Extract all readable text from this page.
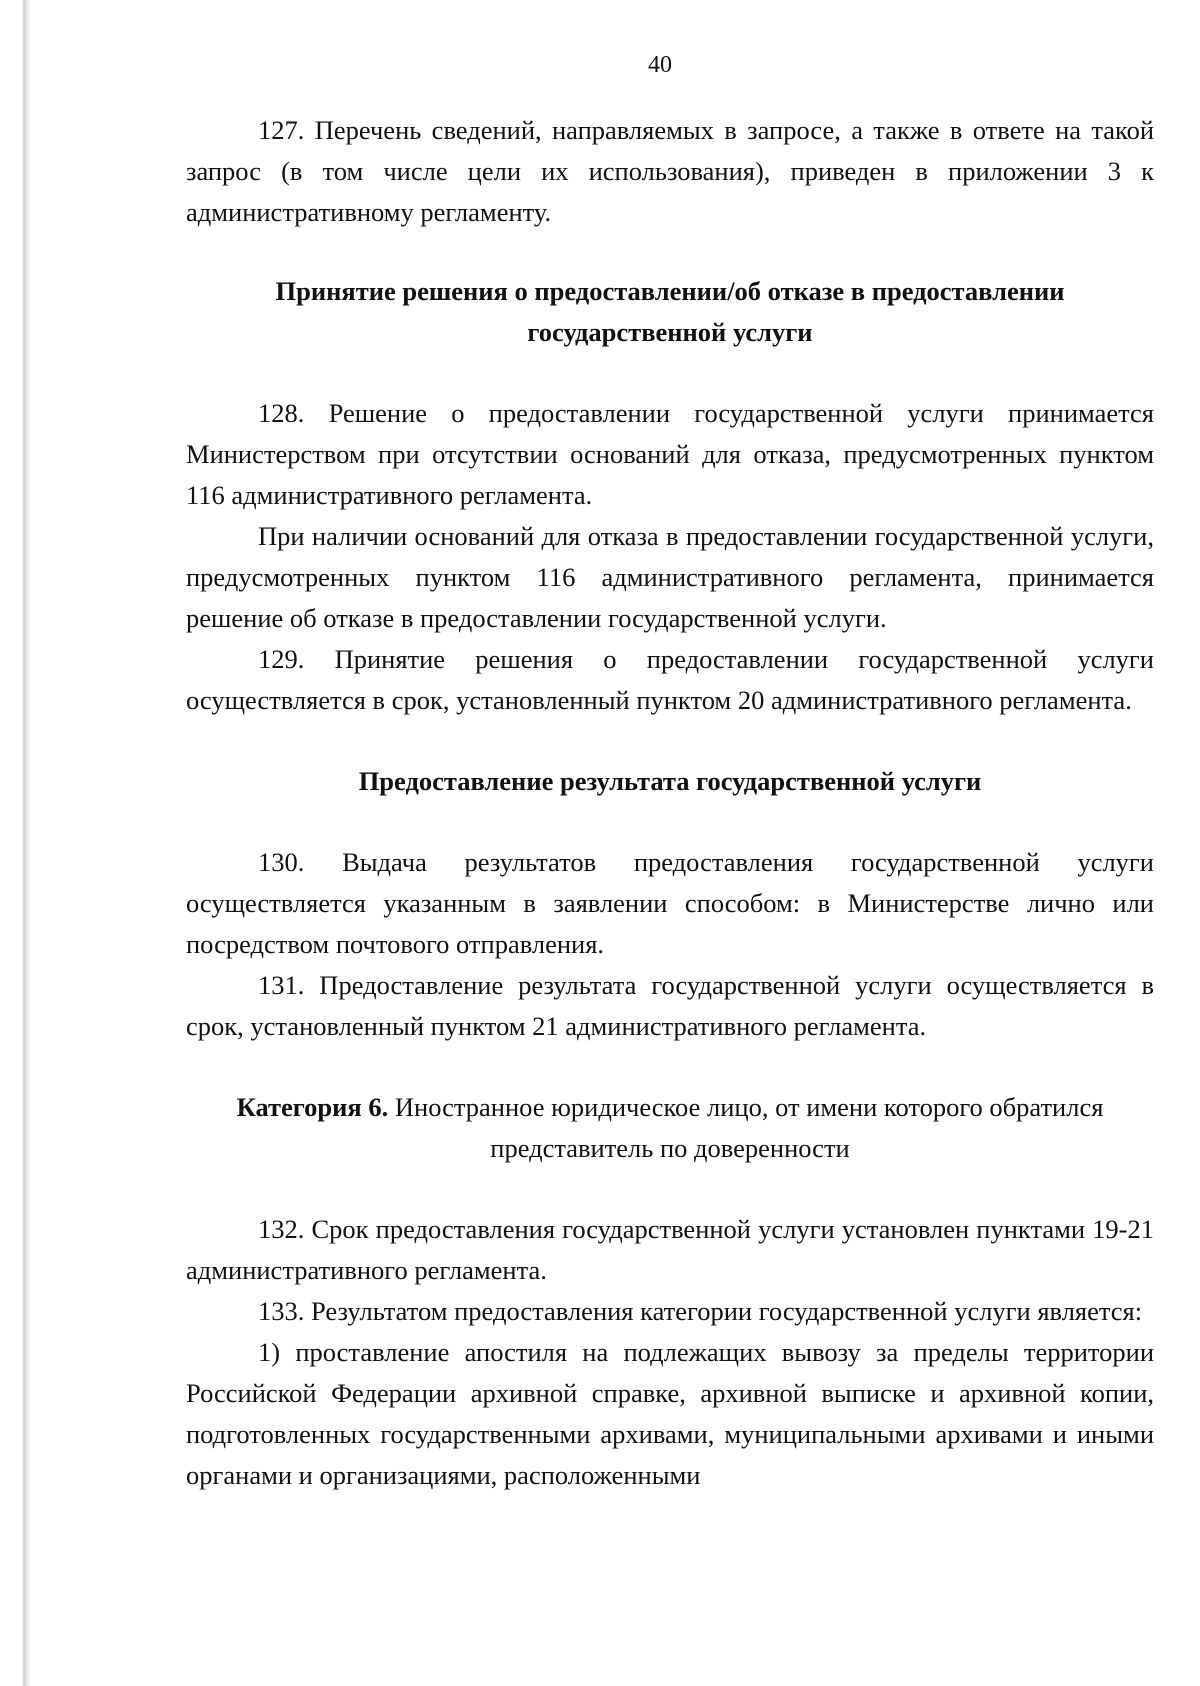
40

127. Перечень сведений, направляемых в запросе, а также в ответе на такой запрос (в том числе цели их использования), приведен в приложении 3 к административному регламенту.

Принятие решения о предоставлении/об отказе в предоставлении государственной услуги

128. Решение о предоставлении государственной услуги принимается Министерством при отсутствии оснований для отказа, предусмотренных пунктом 116 административного регламента.

При наличии оснований для отказа в предоставлении государственной услуги, предусмотренных пунктом 116 административного регламента, принимается решение об отказе в предоставлении государственной услуги.

129. Принятие решения о предоставлении государственной услуги осуществляется в срок, установленный пунктом 20 административного регламента.

Предоставление результата государственной услуги

130. Выдача результатов предоставления государственной услуги осуществляется указанным в заявлении способом: в Министерстве лично или посредством почтового отправления.

131. Предоставление результата государственной услуги осуществляется в срок, установленный пунктом 21 административного регламента.

Категория 6. Иностранное юридическое лицо, от имени которого обратился представитель по доверенности

132. Срок предоставления государственной услуги установлен пунктами 19-21 административного регламента.

133. Результатом предоставления категории государственной услуги является:

1) проставление апостиля на подлежащих вывозу за пределы территории Российской Федерации архивной справке, архивной выписке и архивной копии, подготовленных государственными архивами, муниципальными архивами и иными органами и организациями, расположенными
